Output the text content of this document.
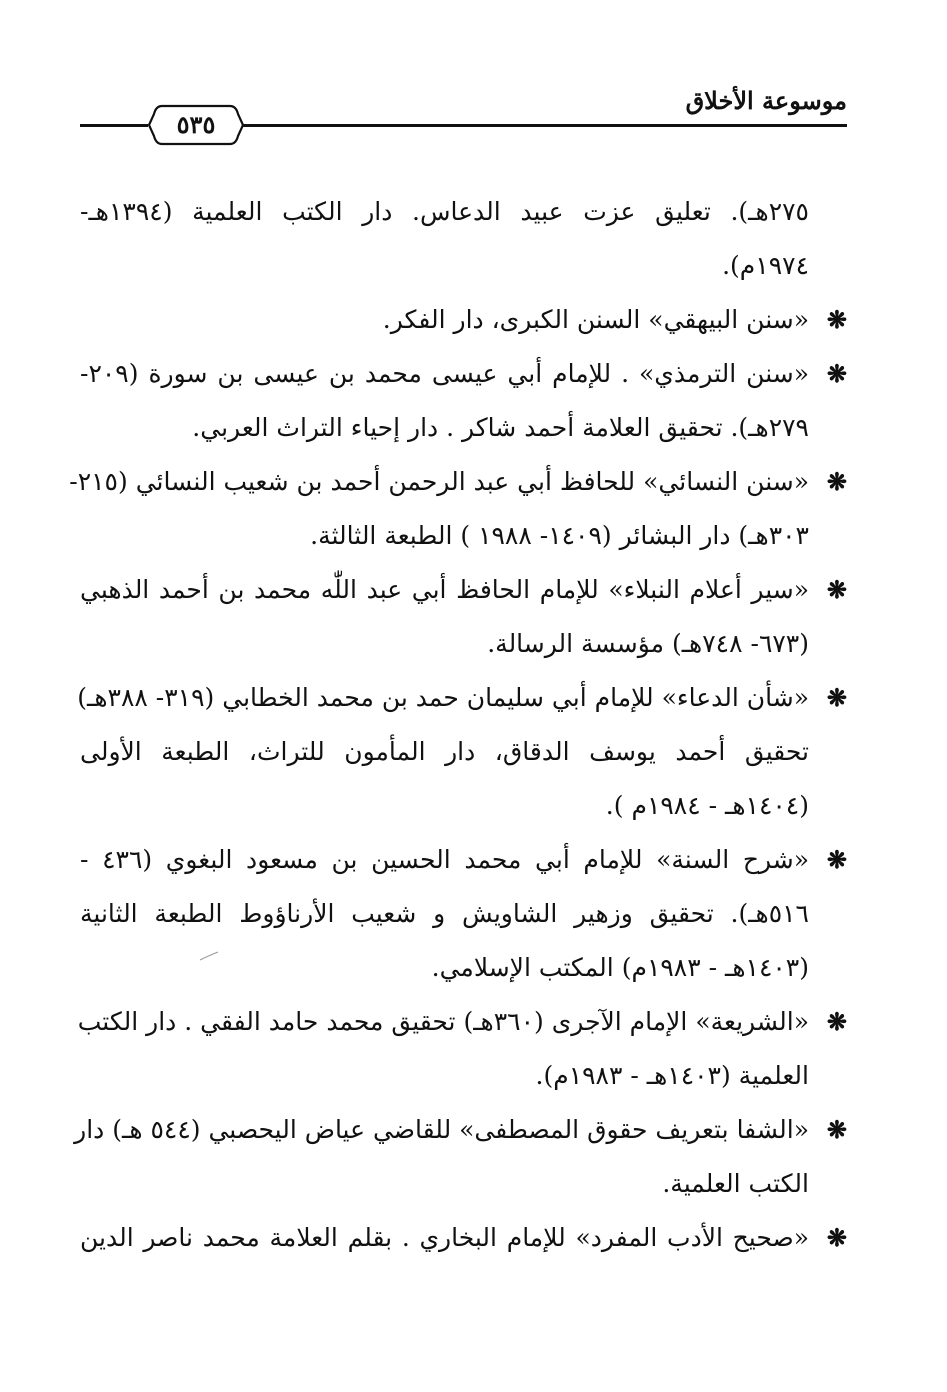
موسوعة الأخلاق
٥٣٥
٢٧٥هـ). تعليق عزت عبيد الدعاس. دار الكتب العلمية (١٣٩٤هـ-
١٩٧٤م).
❋
«سنن البيهقي» السنن الكبرى، دار الفكر.
❋
«سنن الترمذي» . للإمام أبي عيسى محمد بن عيسى بن سورة (٢٠٩-
٢٧٩هـ). تحقيق العلامة أحمد شاكر . دار إحياء التراث العربي.
❋
«سنن النسائي» للحافظ أبي عبد الرحمن أحمد بن شعيب النسائي (٢١٥-
٣٠٣هـ) دار البشائر (١٤٠٩- ١٩٨٨ ) الطبعة الثالثة.
❋
«سير أعلام النبلاء» للإمام الحافظ أبي عبد اللّٰه محمد بن أحمد الذهبي
(٦٧٣- ٧٤٨هـ) مؤسسة الرسالة.
❋
«شأن الدعاء» للإمام أبي سليمان حمد بن محمد الخطابي (٣١٩- ٣٨٨هـ)
تحقيق أحمد يوسف الدقاق، دار المأمون للتراث، الطبعة الأولى
(١٤٠٤هـ - ١٩٨٤م ).
❋
«شرح السنة» للإمام أبي محمد الحسين بن مسعود البغوي (٤٣٦ -
٥١٦هـ). تحقيق وزهير الشاويش و شعيب الأرناؤوط الطبعة الثانية
(١٤٠٣هـ - ١٩٨٣م) المكتب الإسلامي.
❋
«الشريعة» الإمام الآجرى (٣٦٠هـ) تحقيق محمد حامد الفقي . دار الكتب
العلمية (١٤٠٣هـ - ١٩٨٣م).
❋
«الشفا بتعريف حقوق المصطفى» للقاضي عياض اليحصبي (٥٤٤ هـ) دار
الكتب العلمية.
❋
«صحيح الأدب المفرد» للإمام البخاري . بقلم العلامة محمد ناصر الدين
